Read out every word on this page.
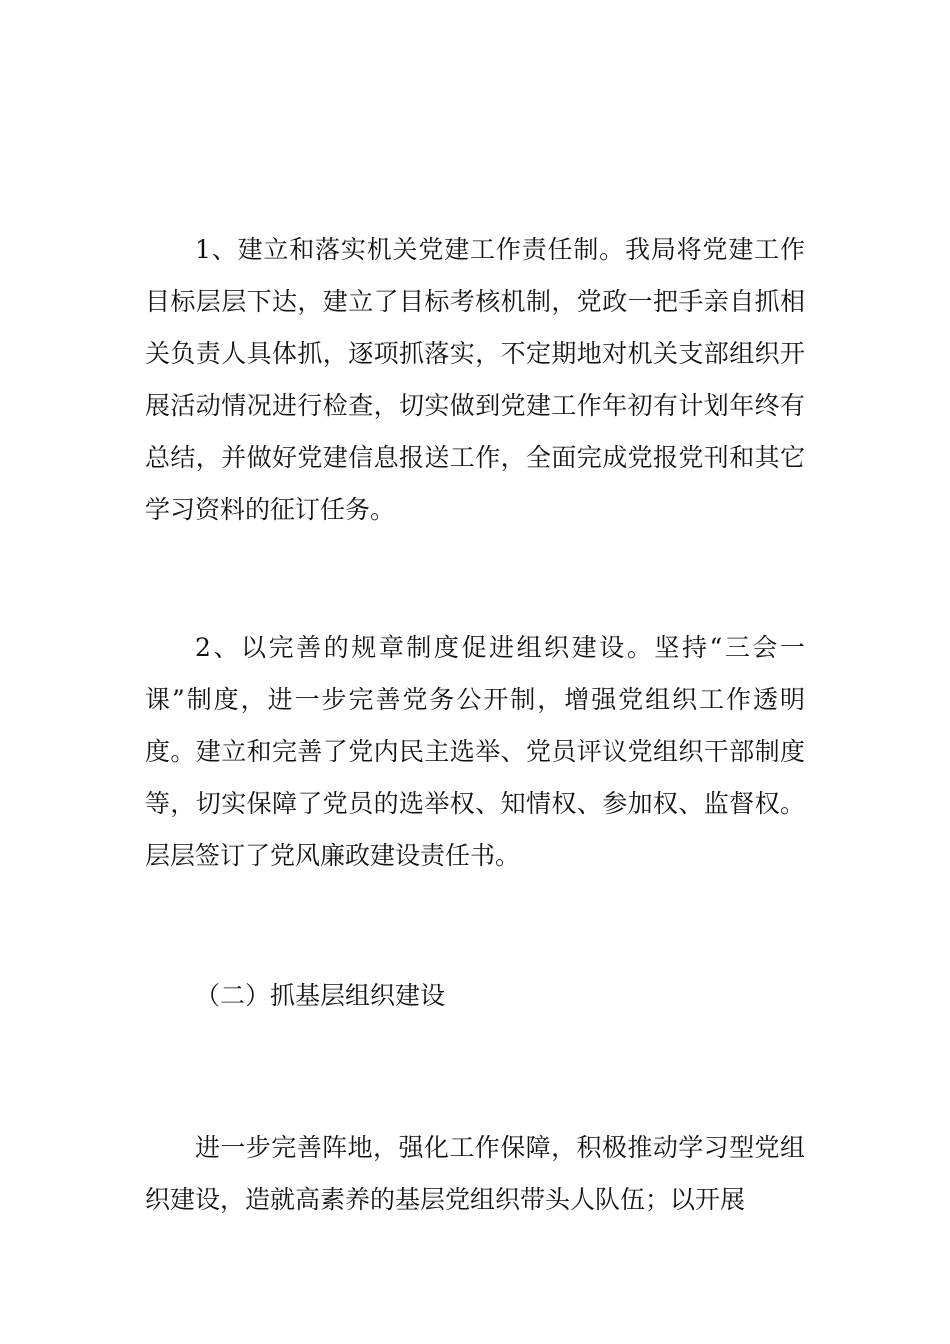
1、建立和落实机关党建工作责任制。我局将党建工作目标层层下达，建立了目标考核机制，党政一把手亲自抓相关负责人具体抓，逐项抓落实，不定期地对机关支部组织开展活动情况进行检查，切实做到党建工作年初有计划年终有总结，并做好党建信息报送工作，全面完成党报党刊和其它学习资料的征订任务。

2、以完善的规章制度促进组织建设。坚持“三会一课”制度，进一步完善党务公开制，增强党组织工作透明度。建立和完善了党内民主选举、党员评议党组织干部制度等，切实保障了党员的选举权、知情权、参加权、监督权。层层签订了党风廉政建设责任书。

（二）抓基层组织建设

进一步完善阵地，强化工作保障，积极推动学习型党组织建设，造就高素养的基层党组织带头人队伍；以开展
